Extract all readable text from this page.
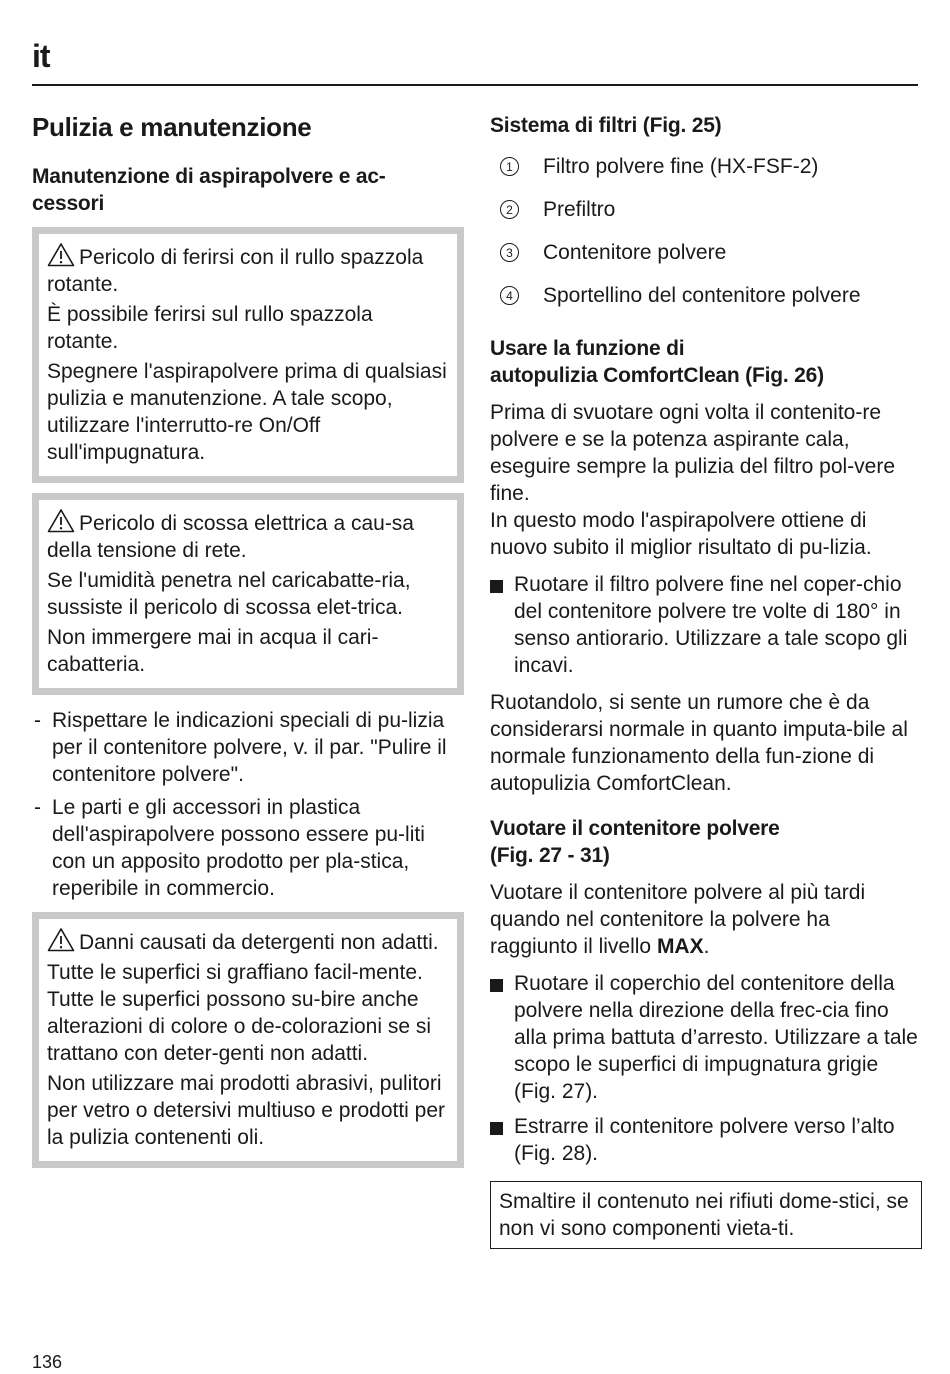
it
Pulizia e manutenzione
Manutenzione di aspirapolvere e ac-
cessori

Pericolo di ferirsi con il rullo spazzola rotante.

È possibile ferirsi sul rullo spazzola rotante.

Spegnere l'aspirapolvere prima di qualsiasi pulizia e manutenzione. A tale scopo, utilizzare l'interrutto-re On/Off sull'impugnatura.

Pericolo di scossa elettrica a cau-sa della tensione di rete.

Se l'umidità penetra nel caricabatte-ria, sussiste il pericolo di scossa elet-trica.

Non immergere mai in acqua il cari-cabatteria.

- Rispettare le indicazioni speciali di pu-lizia per il contenitore polvere, v. il par. "Pulire il contenitore polvere".
- Le parti e gli accessori in plastica dell'aspirapolvere possono essere pu-liti con un apposito prodotto per pla-stica, reperibile in commercio.

Danni causati da detergenti non adatti.

Tutte le superfici si graffiano facil-mente. Tutte le superfici possono su-bire anche alterazioni di colore o de-colorazioni se si trattano con deter-genti non adatti.

Non utilizzare mai prodotti abrasivi, pulitori per vetro o detersivi multiuso e prodotti per la pulizia contenenti oli.

Sistema di filtri (Fig. 25)
1 Filtro polvere fine (HX-FSF-2)
2 Prefiltro
3 Contenitore polvere
4 Sportellino del contenitore polvere
Usare la funzione di
autopulizia ComfortClean (Fig. 26)

Prima di svuotare ogni volta il contenito-re polvere e se la potenza aspirante cala, eseguire sempre la pulizia del filtro pol-vere fine.

In questo modo l'aspirapolvere ottiene di nuovo subito il miglior risultato di pu-lizia.

Ruotare il filtro polvere fine nel coper-chio del contenitore polvere tre volte di 180° in senso antiorario. Utilizzare a tale scopo gli incavi.

Ruotandolo, si sente un rumore che è da considerarsi normale in quanto imputa-bile al normale funzionamento della fun-zione di autopulizia ComfortClean.

Vuotare il contenitore polvere
(Fig. 27 - 31)

Vuotare il contenitore polvere al più tardi quando nel contenitore la polvere ha raggiunto il livello MAX.

Ruotare il coperchio del contenitore della polvere nella direzione della frec-cia fino alla prima battuta d’arresto. Utilizzare a tale scopo le superfici di impugnatura grigie (Fig. 27).
Estrarre il contenitore polvere verso l’alto (Fig. 28).
Smaltire il contenuto nei rifiuti dome-stici, se non vi sono componenti vieta-ti.
136
